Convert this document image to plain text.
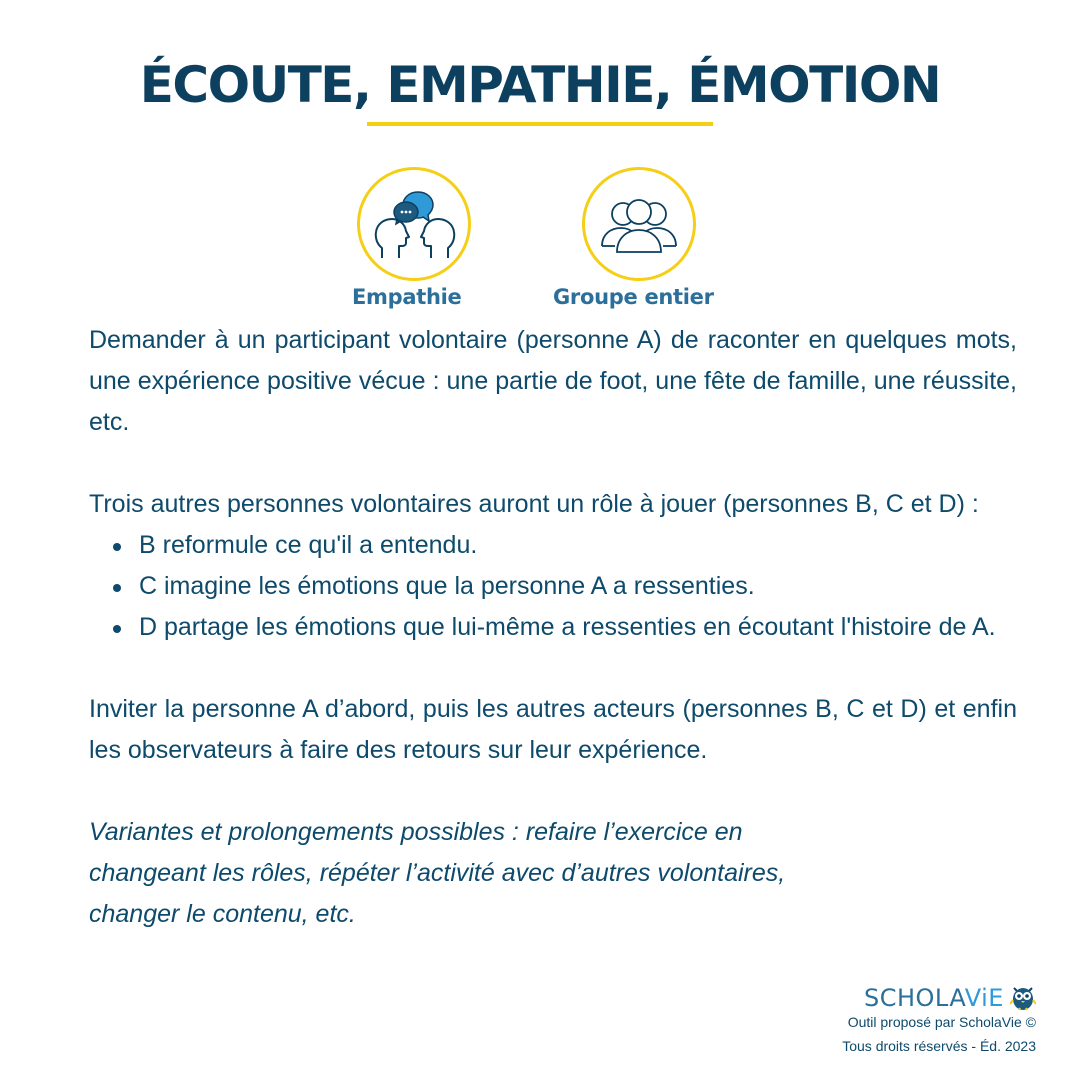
ÉCOUTE, EMPATHIE, ÉMOTION
Empathie	Groupe entier

Demander à un participant volontaire (personne A) de raconter en quelques mots, une expérience positive vécue : une partie de foot, une fête de famille, une réussite, etc.

Trois autres personnes volontaires auront un rôle à jouer (personnes B, C et D) :

B reformule ce qu'il a entendu.
C imagine les émotions que la personne A a ressenties.
D partage les émotions que lui-même a ressenties en écoutant l'histoire de A.

Inviter la personne A d’abord, puis les autres acteurs (personnes B, C et D) et enfin les observateurs à faire des retours sur leur expérience.

Variantes et prolongements possibles : refaire l’exercice en
changeant les rôles, répéter l’activité avec d’autres volontaires,
changer le contenu, etc.

SCHOLAViE
Outil proposé par ScholaVie ©
Tous droits réservés - Éd. 2023
